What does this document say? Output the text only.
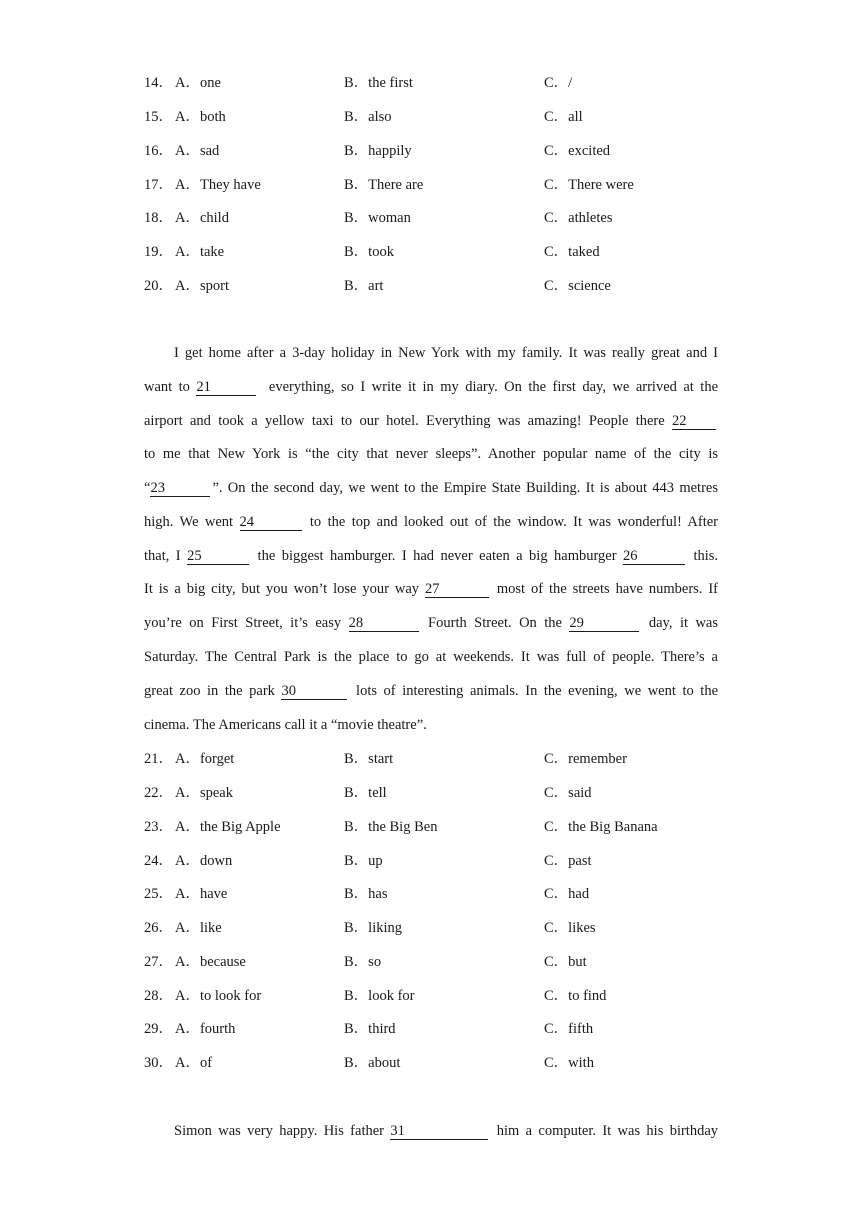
14． A．one	B．the first	C．/
15． A．both	B．also	C．all
16． A．sad	B．happily	C．excited
17． A．They have	B．There are	C．There were
18． A．child	B．woman	C．athletes
19． A．take	B．took	C．taked
20． A．sport	B．art	C．science
I get home after a 3-day holiday in New York with my family. It was really great and I
want to 21	everything, so I write it in my diary. On the first day, we arrived at the
airport and took a yellow taxi to our hotel. Everything was amazing! People there 22
to me that New York is “the city that never sleeps”. Another popular name of the city is
“23	”. On the second day, we went to the Empire State Building. It is about 443 metres
high. We went 24	to the top and looked out of the window. It was wonderful! After
that, I 25	the biggest hamburger. I had never eaten a big hamburger 26	this.
It is a big city, but you won’t lose your way 27	most of the streets have numbers. If
you’re on First Street, it’s easy 28	Fourth Street. On the 29	day, it was
Saturday. The Central Park is the place to go at weekends. It was full of people. There’s a
great zoo in the park 30	lots of interesting animals. In the evening, we went to the
cinema. The Americans call it a “movie theatre”.
21． A．forget	B．start	C．remember
22． A．speak	B．tell	C．said
23． A．the Big Apple	B．the Big Ben	C．the Big Banana
24． A．down	B．up	C．past
25． A．have	B．has	C．had
26． A．like	B．liking	C．likes
27． A．because	B．so	C．but
28． A．to look for	B．look for	C．to find
29． A．fourth	B．third	C．fifth
30． A．of	B．about	C．with
Simon was very happy. His father 31	him a computer. It was his birthday
